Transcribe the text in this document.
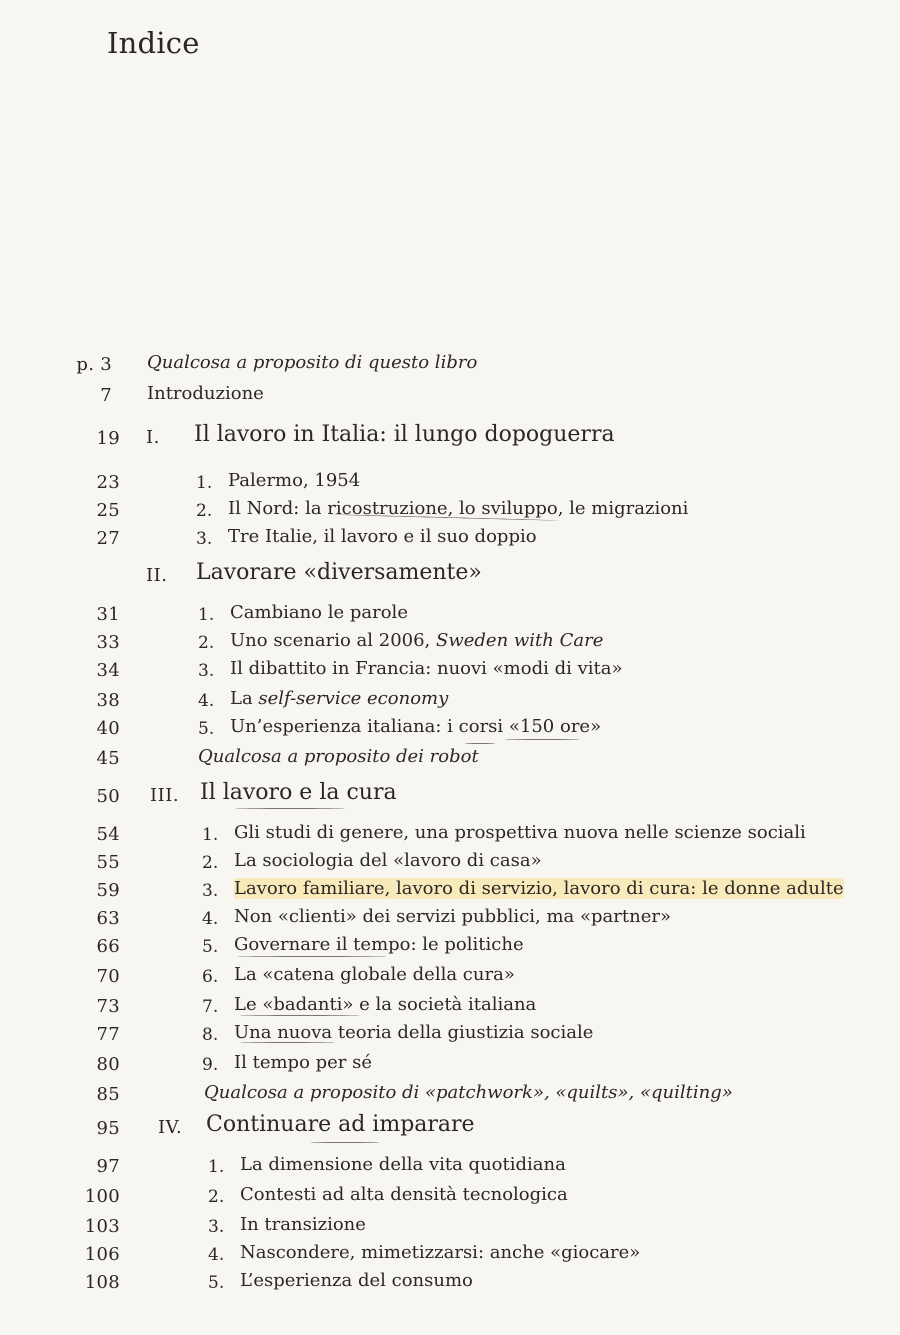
Indice
p. 3 Qualcosa a proposito di questo libro
7 Introduzione
19 I. Il lavoro in Italia: il lungo dopoguerra
23	1. Palermo, 1954
25	2. Il Nord: la ricostruzione, lo sviluppo, le migrazioni
27	3. Tre Italie, il lavoro e il suo doppio
II. Lavorare «diversamente»
31	1. Cambiano le parole
33	2. Uno scenario al 2006, Sweden with Care
34	3. Il dibattito in Francia: nuovi «modi di vita»
38	4. La self-service economy
40	5. Un’esperienza italiana: i corsi «150 ore»
45	Qualcosa a proposito dei robot
50 III. Il lavoro e la cura
54	1. Gli studi di genere, una prospettiva nuova nelle scienze sociali
55	2. La sociologia del «lavoro di casa»
59	3. Lavoro familiare, lavoro di servizio, lavoro di cura: le donne adulte
63	4. Non «clienti» dei servizi pubblici, ma «partner»
66	5. Governare il tempo: le politiche
70	6. La «catena globale della cura»
73	7. Le «badanti» e la società italiana
77	8. Una nuova teoria della giustizia sociale
80	9. Il tempo per sé
85	Qualcosa a proposito di «patchwork», «quilts», «quilting»
95 IV. Continuare ad imparare
97	1. La dimensione della vita quotidiana
100	2. Contesti ad alta densità tecnologica
103	3. In transizione
106	4. Nascondere, mimetizzarsi: anche «giocare»
108	5. L’esperienza del consumo
